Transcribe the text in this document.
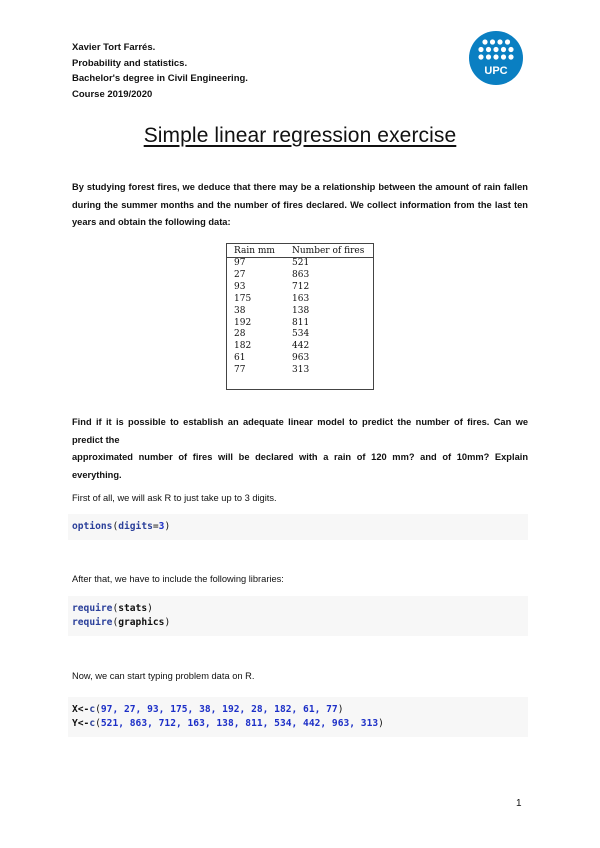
Xavier Tort Farrés.
Probability and statistics.
Bachelor's degree in Civil Engineering.
Course 2019/2020
UPC
Simple linear regression exercise
By studying forest fires, we deduce that there may be a relationship between the amount of rain fallen during the summer months and the number of fires declared. We collect information from the last ten years and obtain the following data:
Rain mm	Number of fires
97	521
27	863
93	712
175	163
38	138
192	811
28	534
182	442
61	963
77	313
Find if it is possible to establish an adequate linear model to predict the number of fires. Can we predict the
approximated number of fires will be declared with a rain of 120 mm? and of 10mm? Explain everything.
First of all, we will ask R to just take up to 3 digits.
options(digits=3)
After that, we have to include the following libraries:
require(stats)
require(graphics)
Now, we can start typing problem data on R.
X<-c(97, 27, 93, 175, 38, 192, 28, 182, 61, 77)
Y<-c(521, 863, 712, 163, 138, 811, 534, 442, 963, 313)
1
